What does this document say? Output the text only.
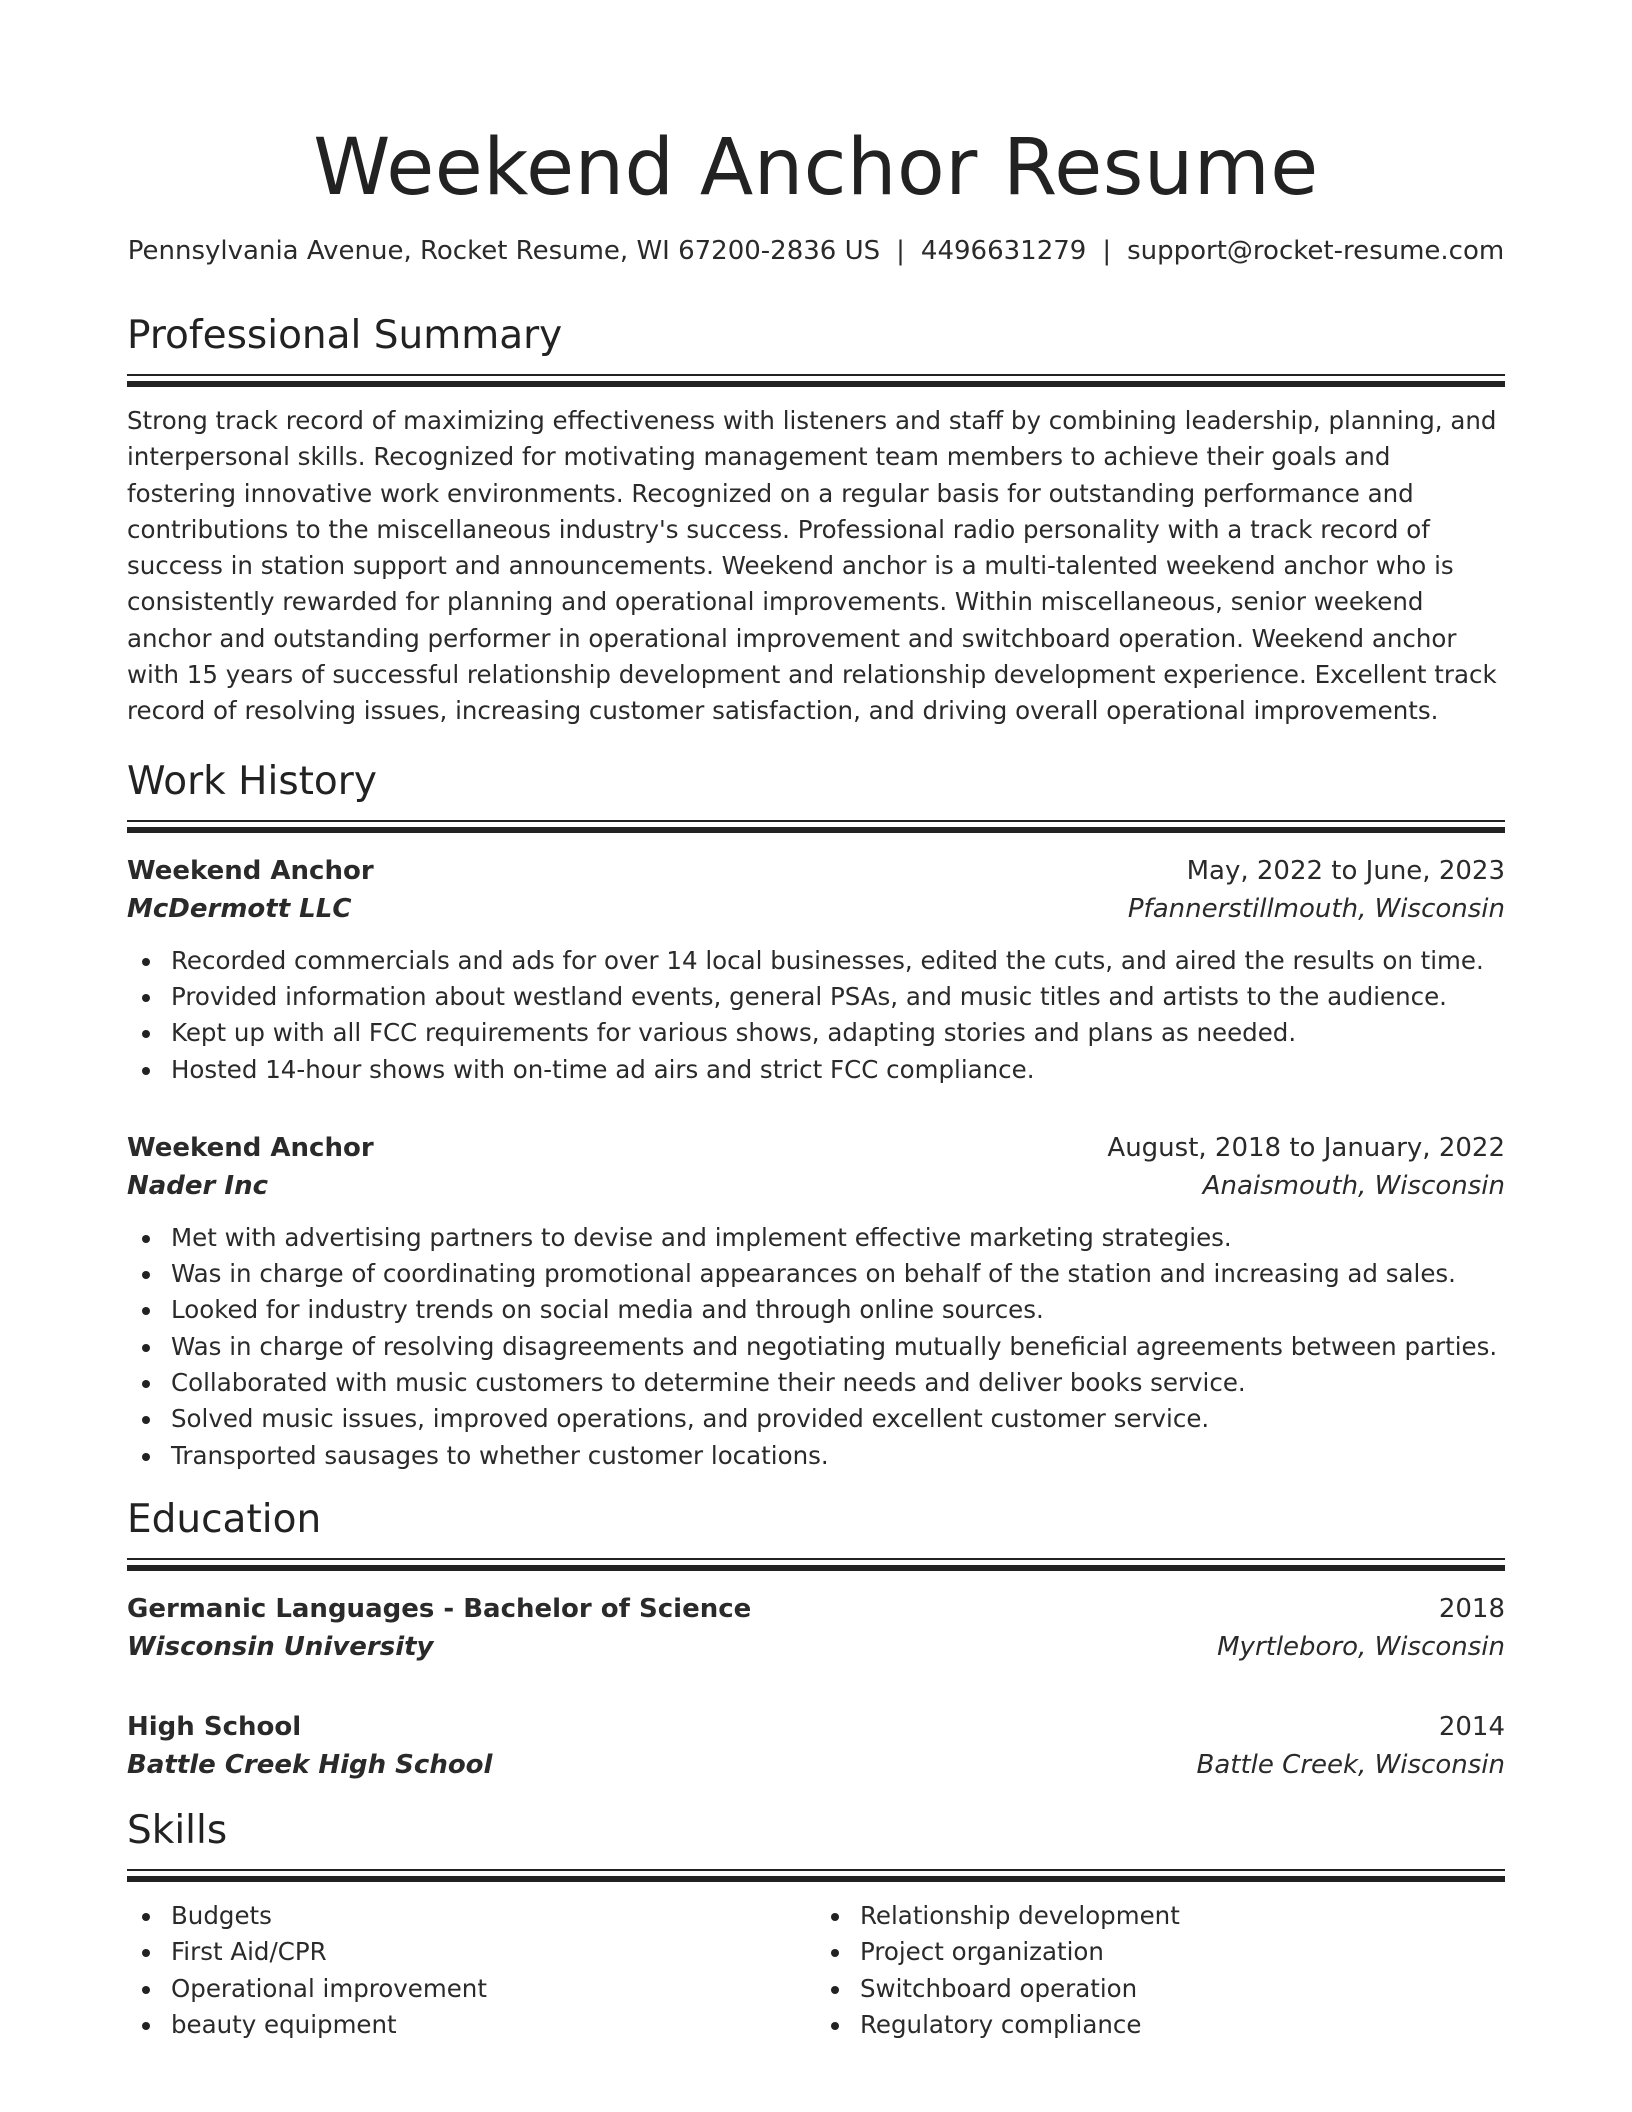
Weekend Anchor Resume
Pennsylvania Avenue, Rocket Resume, WI 67200-2836 US | 4496631279 | support@rocket-resume.com
Professional Summary

Strong track record of maximizing effectiveness with listeners and staff by combining leadership, planning, and interpersonal skills. Recognized for motivating management team members to achieve their goals and fostering innovative work environments. Recognized on a regular basis for outstanding performance and contributions to the miscellaneous industry's success. Professional radio personality with a track record of success in station support and announcements. Weekend anchor is a multi-talented weekend anchor who is consistently rewarded for planning and operational improvements. Within miscellaneous, senior weekend anchor and outstanding performer in operational improvement and switchboard operation. Weekend anchor with 15 years of successful relationship development and relationship development experience. Excellent track record of resolving issues, increasing customer satisfaction, and driving overall operational improvements.

Work History
Weekend Anchor	May, 2022 to June, 2023
McDermott LLC	Pfannerstillmouth, Wisconsin
Recorded commercials and ads for over 14 local businesses, edited the cuts, and aired the results on time.
Provided information about westland events, general PSAs, and music titles and artists to the audience.
Kept up with all FCC requirements for various shows, adapting stories and plans as needed.
Hosted 14-hour shows with on-time ad airs and strict FCC compliance.
Weekend Anchor	August, 2018 to January, 2022
Nader Inc	Anaismouth, Wisconsin
Met with advertising partners to devise and implement effective marketing strategies.
Was in charge of coordinating promotional appearances on behalf of the station and increasing ad sales.
Looked for industry trends on social media and through online sources.
Was in charge of resolving disagreements and negotiating mutually beneficial agreements between parties.
Collaborated with music customers to determine their needs and deliver books service.
Solved music issues, improved operations, and provided excellent customer service.
Transported sausages to whether customer locations.
Education
Germanic Languages - Bachelor of Science	2018
Wisconsin University	Myrtleboro, Wisconsin
High School	2014
Battle Creek High School	Battle Creek, Wisconsin
Skills
Budgets
First Aid/CPR
Operational improvement
beauty equipment
Relationship development
Project organization
Switchboard operation
Regulatory compliance
